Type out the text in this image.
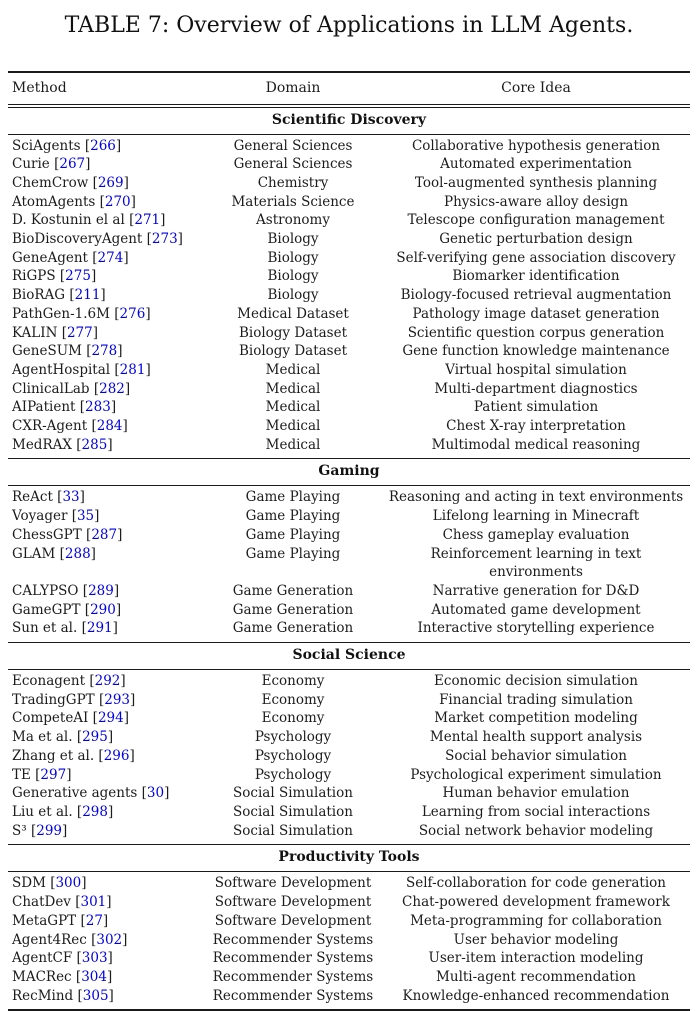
TABLE 7: Overview of Applications in LLM Agents.
Method	Domain	Core Idea
Scientific Discovery
SciAgents [266]	General Sciences	Collaborative hypothesis generation
Curie [267]	General Sciences	Automated experimentation
ChemCrow [269]	Chemistry	Tool-augmented synthesis planning
AtomAgents [270]	Materials Science	Physics-aware alloy design
D. Kostunin el al [271]	Astronomy	Telescope configuration management
BioDiscoveryAgent [273]	Biology	Genetic perturbation design
GeneAgent [274]	Biology	Self-verifying gene association discovery
RiGPS [275]	Biology	Biomarker identification
BioRAG [211]	Biology	Biology-focused retrieval augmentation
PathGen-1.6M [276]	Medical Dataset	Pathology image dataset generation
KALIN [277]	Biology Dataset	Scientific question corpus generation
GeneSUM [278]	Biology Dataset	Gene function knowledge maintenance
AgentHospital [281]	Medical	Virtual hospital simulation
ClinicalLab [282]	Medical	Multi-department diagnostics
AIPatient [283]	Medical	Patient simulation
CXR-Agent [284]	Medical	Chest X-ray interpretation
MedRAX [285]	Medical	Multimodal medical reasoning
Gaming
ReAct [33]	Game Playing	Reasoning and acting in text environments
Voyager [35]	Game Playing	Lifelong learning in Minecraft
ChessGPT [287]	Game Playing	Chess gameplay evaluation
GLAM [288]	Game Playing	Reinforcement learning in text environments
CALYPSO [289]	Game Generation	Narrative generation for D&D
GameGPT [290]	Game Generation	Automated game development
Sun et al. [291]	Game Generation	Interactive storytelling experience
Social Science
Econagent [292]	Economy	Economic decision simulation
TradingGPT [293]	Economy	Financial trading simulation
CompeteAI [294]	Economy	Market competition modeling
Ma et al. [295]	Psychology	Mental health support analysis
Zhang et al. [296]	Psychology	Social behavior simulation
TE [297]	Psychology	Psychological experiment simulation
Generative agents [30]	Social Simulation	Human behavior emulation
Liu et al. [298]	Social Simulation	Learning from social interactions
S³ [299]	Social Simulation	Social network behavior modeling
Productivity Tools
SDM [300]	Software Development	Self-collaboration for code generation
ChatDev [301]	Software Development	Chat-powered development framework
MetaGPT [27]	Software Development	Meta-programming for collaboration
Agent4Rec [302]	Recommender Systems	User behavior modeling
AgentCF [303]	Recommender Systems	User-item interaction modeling
MACRec [304]	Recommender Systems	Multi-agent recommendation
RecMind [305]	Recommender Systems	Knowledge-enhanced recommendation
